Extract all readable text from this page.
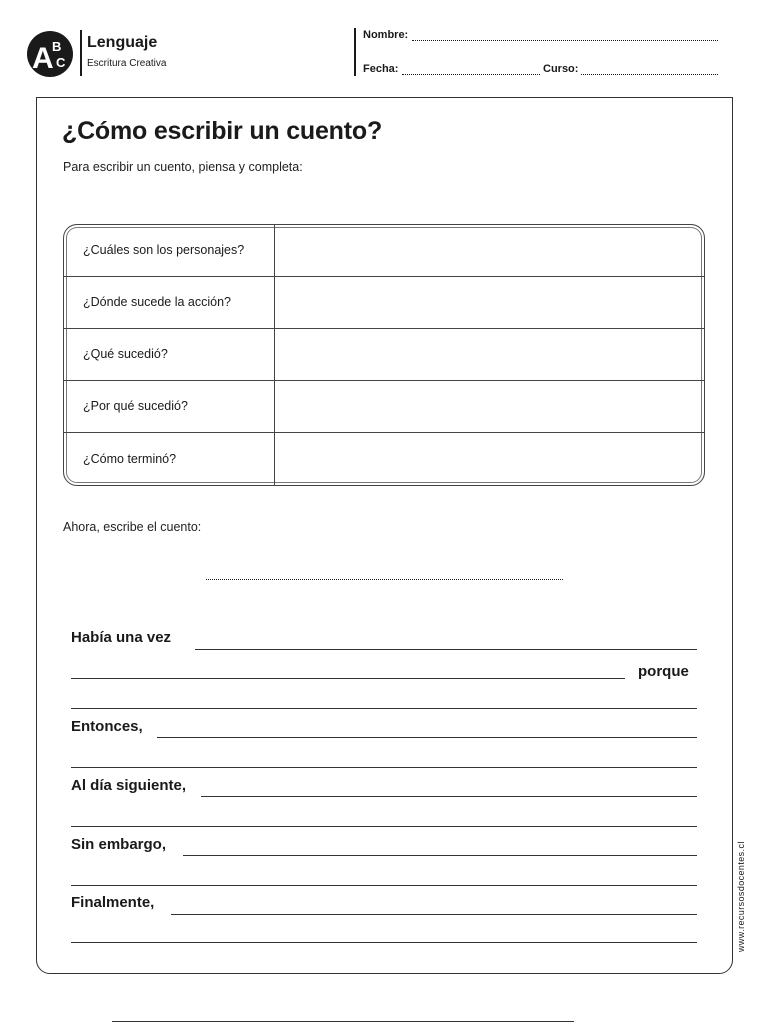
A
B
C
Lenguaje
Escritura Creativa
Nombre:
Fecha:	Curso:
¿Cómo escribir un cuento?
Para escribir un cuento, piensa y completa:
¿Cuáles son los personajes?
¿Dónde sucede la acción?
¿Qué sucedió?
¿Por qué sucedió?
¿Cómo terminó?
Ahora, escribe el cuento:
Había una vez
porque
Entonces,
Al día siguiente,
Sin embargo,
Finalmente,	www.recursosdocentes.cl
